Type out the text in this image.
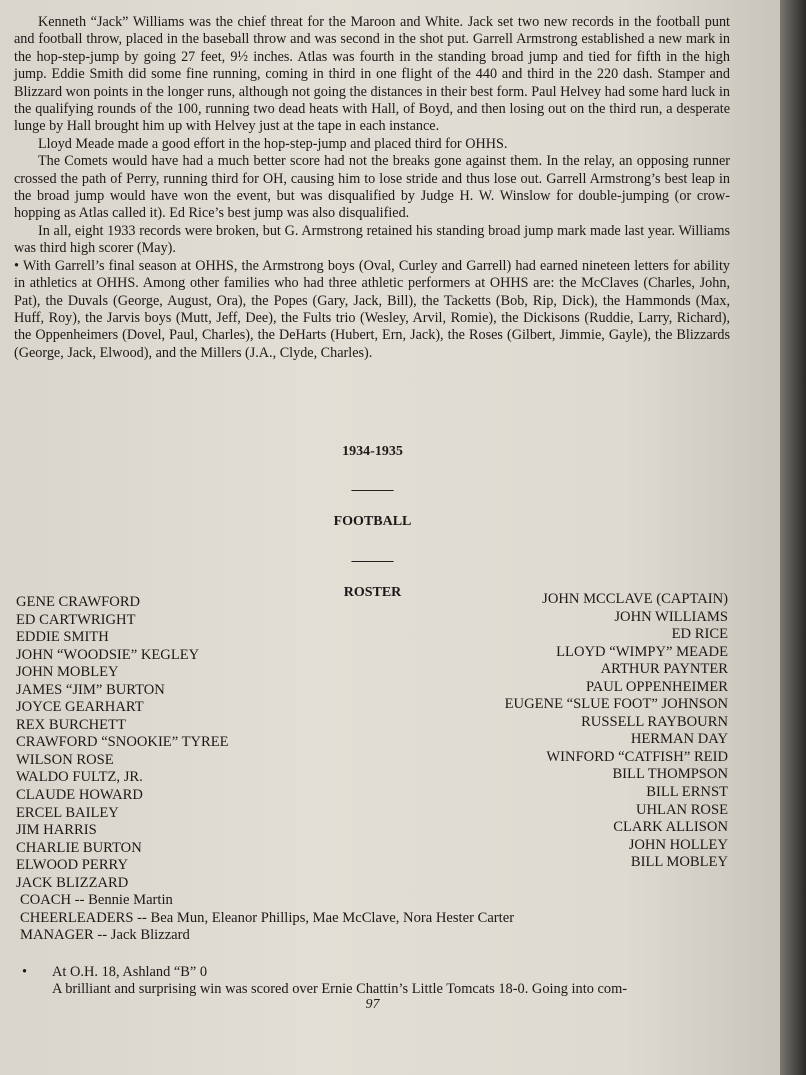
Kenneth “Jack” Williams was the chief threat for the Maroon and White. Jack set two new records in the football punt and football throw, placed in the baseball throw and was second in the shot put. Garrell Armstrong established a new mark in the hop-step-jump by going 27 feet, 9½ inches. Atlas was fourth in the standing broad jump and tied for fifth in the high jump. Eddie Smith did some fine running, coming in third in one flight of the 440 and third in the 220 dash. Stamper and Blizzard won points in the longer runs, although not going the distances in their best form. Paul Helvey had some hard luck in the qualifying rounds of the 100, running two dead heats with Hall, of Boyd, and then losing out on the third run, a desperate lunge by Hall brought him up with Helvey just at the tape in each instance.

Lloyd Meade made a good effort in the hop-step-jump and placed third for OHHS.

The Comets would have had a much better score had not the breaks gone against them. In the relay, an opposing runner crossed the path of Perry, running third for OH, causing him to lose stride and thus lose out. Garrell Armstrong’s best leap in the broad jump would have won the event, but was disqualified by Judge H. W. Winslow for double-jumping (or crow-hopping as Atlas called it). Ed Rice’s best jump was also disqualified.

In all, eight 1933 records were broken, but G. Armstrong retained his standing broad jump mark made last year. Williams was third high scorer (May).

• With Garrell’s final season at OHHS, the Armstrong boys (Oval, Curley and Garrell) had earned nineteen letters for ability in athletics at OHHS. Among other families who had three athletic performers at OHHS are: the McClaves (Charles, John, Pat), the Duvals (George, August, Ora), the Popes (Gary, Jack, Bill), the Tacketts (Bob, Rip, Dick), the Hammonds (Max, Huff, Roy), the Jarvis boys (Mutt, Jeff, Dee), the Fults trio (Wesley, Arvil, Romie), the Dickisons (Ruddie, Larry, Richard), the Oppenheimers (Dovel, Paul, Charles), the DeHarts (Hubert, Ern, Jack), the Roses (Gilbert, Jimmie, Gayle), the Blizzards (George, Jack, Elwood), and the Millers (J.A., Clyde, Charles).

1934-1935
______
FOOTBALL
______
ROSTER
GENE CRAWFORD
ED CARTWRIGHT
EDDIE SMITH
JOHN “WOODSIE” KEGLEY
JOHN MOBLEY
JAMES “JIM” BURTON
JOYCE GEARHART
REX BURCHETT
CRAWFORD “SNOOKIE” TYREE
WILSON ROSE
WALDO FULTZ, JR.
CLAUDE HOWARD
ERCEL BAILEY
JIM HARRIS
CHARLIE BURTON
ELWOOD PERRY
JACK BLIZZARD
JOHN MCCLAVE (CAPTAIN)
JOHN WILLIAMS
ED RICE
LLOYD “WIMPY” MEADE
ARTHUR PAYNTER
PAUL OPPENHEIMER
EUGENE “SLUE FOOT” JOHNSON
RUSSELL RAYBOURN
HERMAN DAY
WINFORD “CATFISH” REID
BILL THOMPSON
BILL ERNST
UHLAN ROSE
CLARK ALLISON
JOHN HOLLEY
BILL MOBLEY
COACH -- Bennie Martin
CHEERLEADERS -- Bea Mun, Eleanor Phillips, Mae McClave, Nora Hester Carter
MANAGER -- Jack Blizzard
• At O.H. 18, Ashland “B” 0
A brilliant and surprising win was scored over Ernie Chattin’s Little Tomcats 18-0. Going into com-
97
